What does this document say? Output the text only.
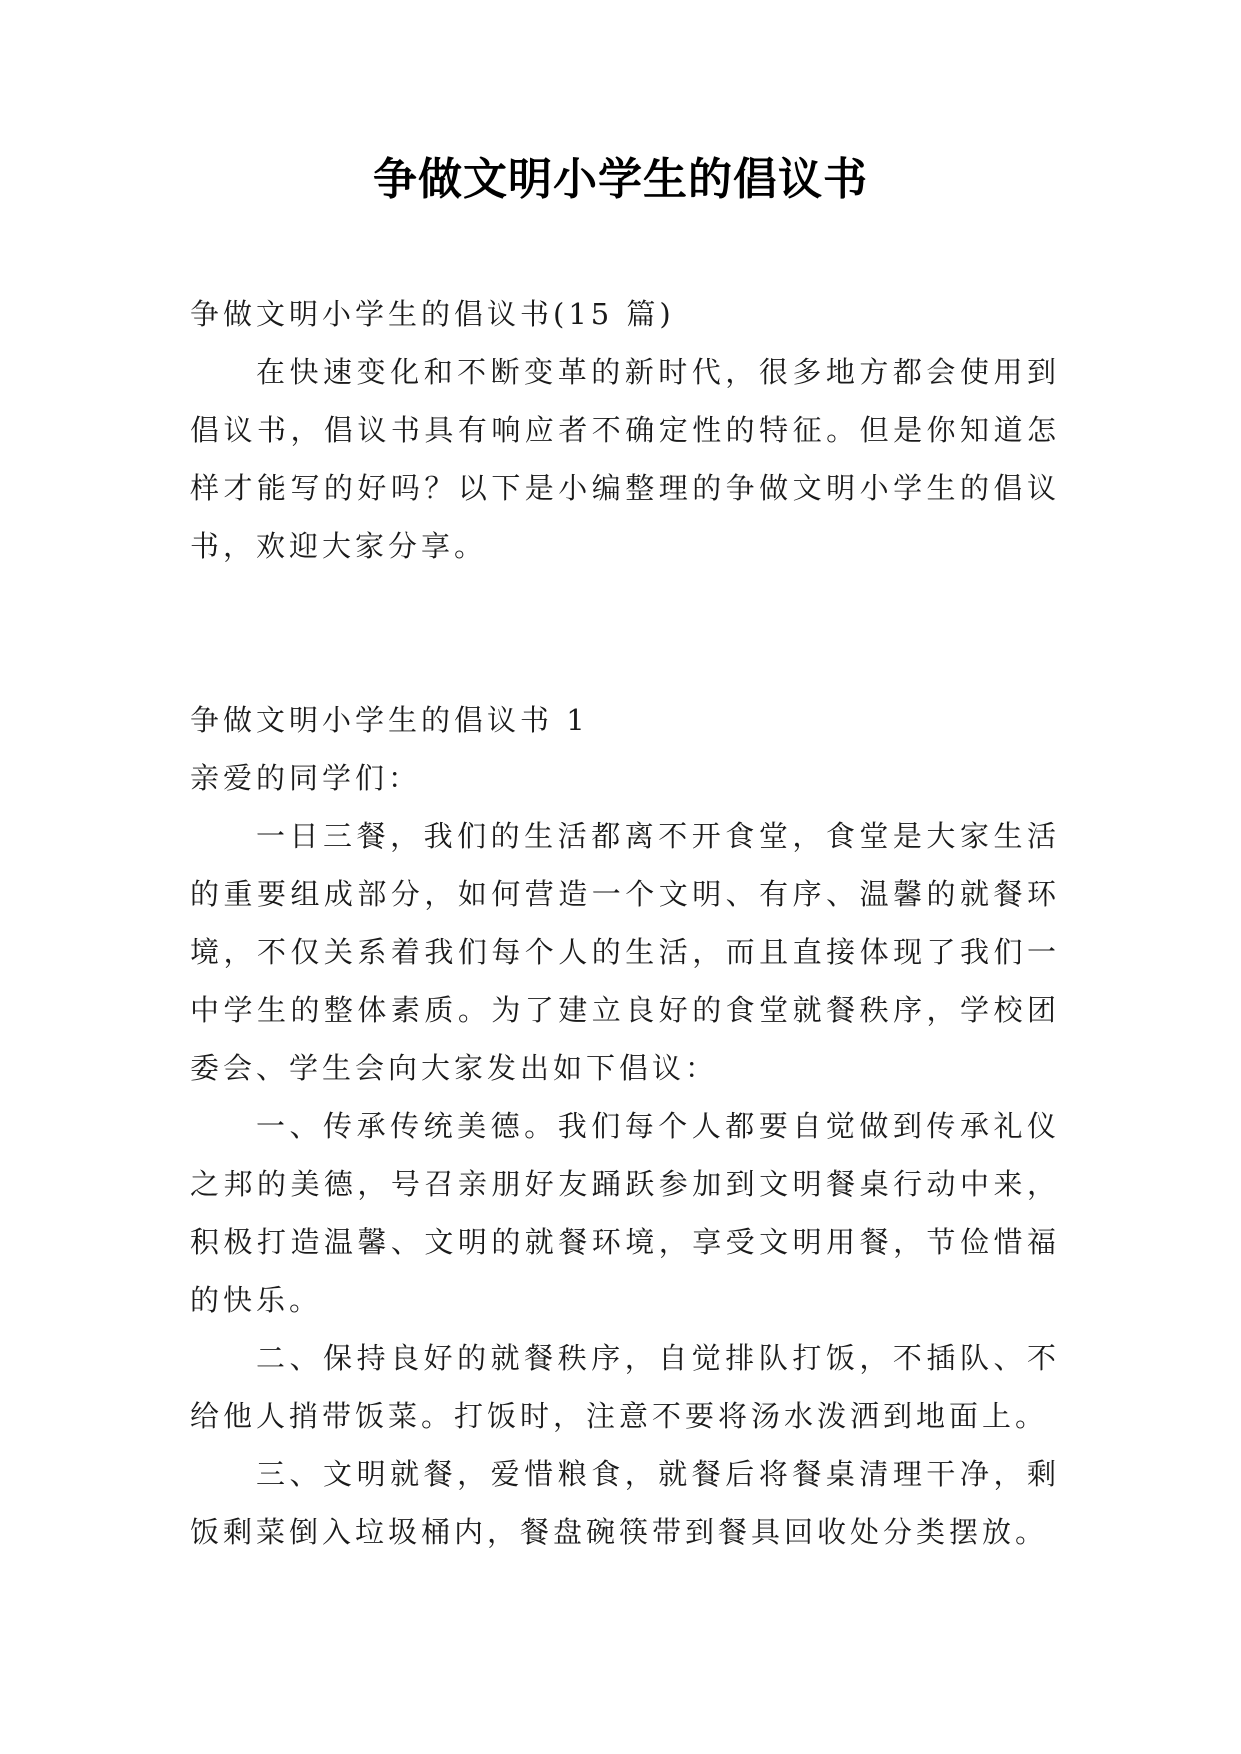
争做文明小学生的倡议书

争做文明小学生的倡议书(15 篇)

在快速变化和不断变革的新时代，很多地方都会使用到倡议书，倡议书具有响应者不确定性的特征。但是你知道怎样才能写的好吗？以下是小编整理的争做文明小学生的倡议书，欢迎大家分享。

争做文明小学生的倡议书 1

亲爱的同学们：

一日三餐，我们的生活都离不开食堂，食堂是大家生活的重要组成部分，如何营造一个文明、有序、温馨的就餐环境，不仅关系着我们每个人的生活，而且直接体现了我们一中学生的整体素质。为了建立良好的食堂就餐秩序，学校团委会、学生会向大家发出如下倡议：

一、传承传统美德。我们每个人都要自觉做到传承礼仪之邦的美德，号召亲朋好友踊跃参加到文明餐桌行动中来，积极打造温馨、文明的就餐环境，享受文明用餐，节俭惜福的快乐。

二、保持良好的就餐秩序，自觉排队打饭，不插队、不给他人捎带饭菜。打饭时，注意不要将汤水泼洒到地面上。

三、文明就餐，爱惜粮食，就餐后将餐桌清理干净，剩饭剩菜倒入垃圾桶内，餐盘碗筷带到餐具回收处分类摆放。
